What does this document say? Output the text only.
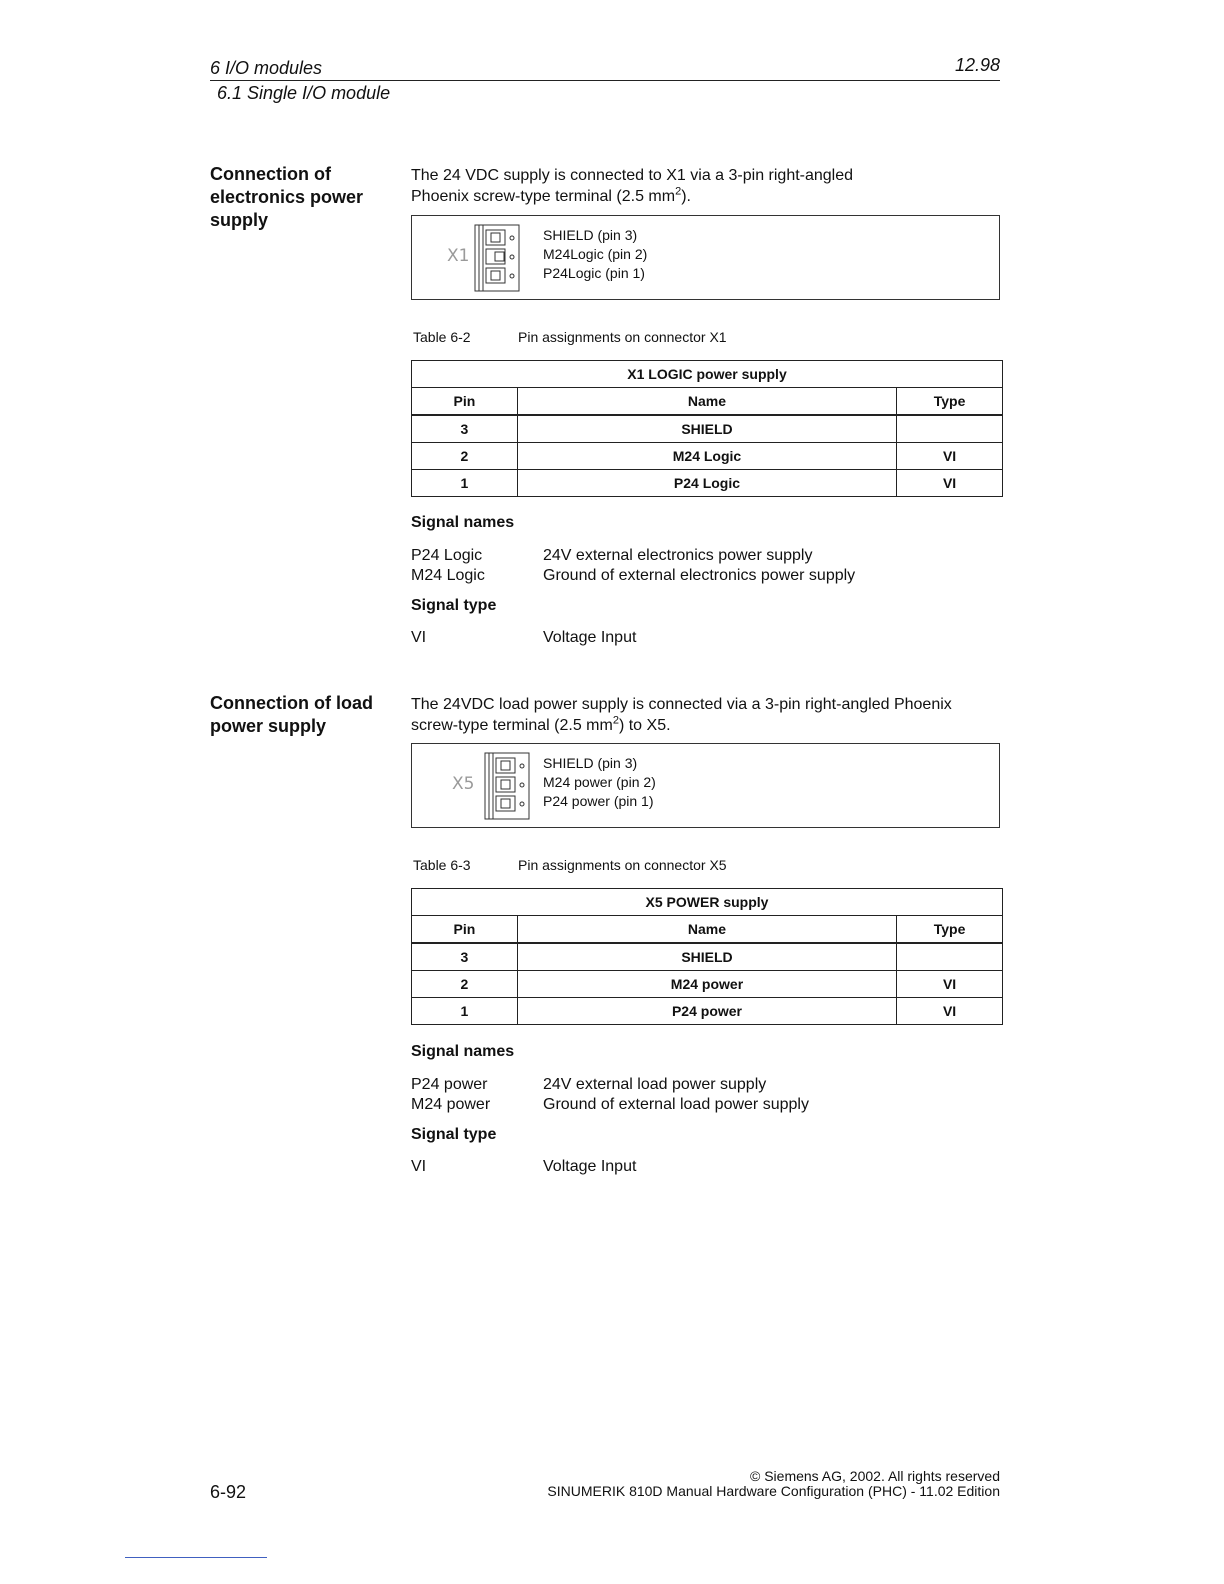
6 I/O modules	12.98
6.1 Single I/O module
Connection of electronics power supply
The 24 VDC supply is connected to X1 via a 3-pin right-angled
Phoenix screw-type terminal (2.5 $mm^2$).
X1
SHIELD (pin 3)
M24Logic (pin 2)
P24Logic (pin 1)
Table 6-2	Pin assignments on connector X1
X1 LOGIC power supply		
Pin	Name	Type
3	SHIELD	
2	M24 Logic	VI
1	P24 Logic	VI
Signal names
P24 Logic	24V external electronics power supply
M24 Logic	Ground of external electronics power supply
Signal type
VI	Voltage Input
Connection of load power supply
The 24VDC load power supply is connected via a 3-pin right-angled Phoenix
screw-type terminal (2.5 $mm^2$) to X5.
X5
SHIELD (pin 3)
M24 power (pin 2)
P24 power (pin 1)
Table 6-3	Pin assignments on connector X5
X5 POWER supply		
Pin	Name	Type
3	SHIELD	
2	M24 power	VI
1	P24 power	VI
Signal names
P24 power	24V external load power supply
M24 power	Ground of external load power supply
Signal type
VI	Voltage Input
6-92
© Siemens AG, 2002. All rights reserved
SINUMERIK 810D Manual Hardware Configuration (PHC) - 11.02 Edition
